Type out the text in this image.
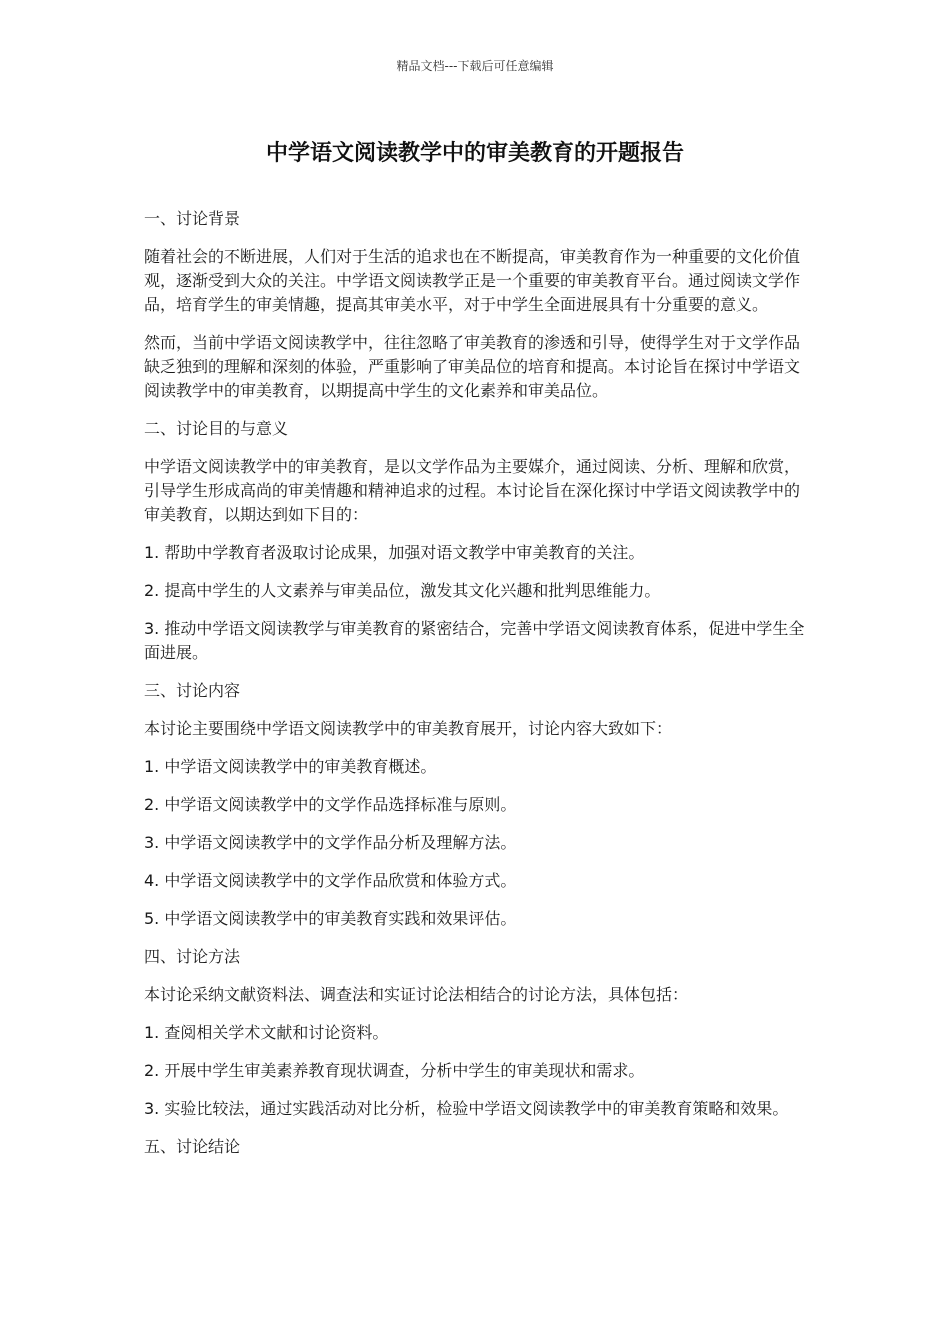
精品文档---下载后可任意编辑
中学语文阅读教学中的审美教育的开题报告

一、讨论背景

随着社会的不断进展，人们对于生活的追求也在不断提高，审美教育作为一种重要的文化价值观，逐渐受到大众的关注。中学语文阅读教学正是一个重要的审美教育平台。通过阅读文学作品，培育学生的审美情趣，提高其审美水平，对于中学生全面进展具有十分重要的意义。

然而，当前中学语文阅读教学中，往往忽略了审美教育的渗透和引导，使得学生对于文学作品缺乏独到的理解和深刻的体验，严重影响了审美品位的培育和提高。本讨论旨在探讨中学语文阅读教学中的审美教育，以期提高中学生的文化素养和审美品位。

二、讨论目的与意义

中学语文阅读教学中的审美教育，是以文学作品为主要媒介，通过阅读、分析、理解和欣赏，引导学生形成高尚的审美情趣和精神追求的过程。本讨论旨在深化探讨中学语文阅读教学中的审美教育，以期达到如下目的：

1. 帮助中学教育者汲取讨论成果，加强对语文教学中审美教育的关注。

2. 提高中学生的人文素养与审美品位，激发其文化兴趣和批判思维能力。

3. 推动中学语文阅读教学与审美教育的紧密结合，完善中学语文阅读教育体系，促进中学生全面进展。

三、讨论内容

本讨论主要围绕中学语文阅读教学中的审美教育展开，讨论内容大致如下：

1. 中学语文阅读教学中的审美教育概述。

2. 中学语文阅读教学中的文学作品选择标准与原则。

3. 中学语文阅读教学中的文学作品分析及理解方法。

4. 中学语文阅读教学中的文学作品欣赏和体验方式。

5. 中学语文阅读教学中的审美教育实践和效果评估。

四、讨论方法

本讨论采纳文献资料法、调查法和实证讨论法相结合的讨论方法，具体包括：

1. 查阅相关学术文献和讨论资料。

2. 开展中学生审美素养教育现状调查，分析中学生的审美现状和需求。

3. 实验比较法，通过实践活动对比分析，检验中学语文阅读教学中的审美教育策略和效果。

五、讨论结论
